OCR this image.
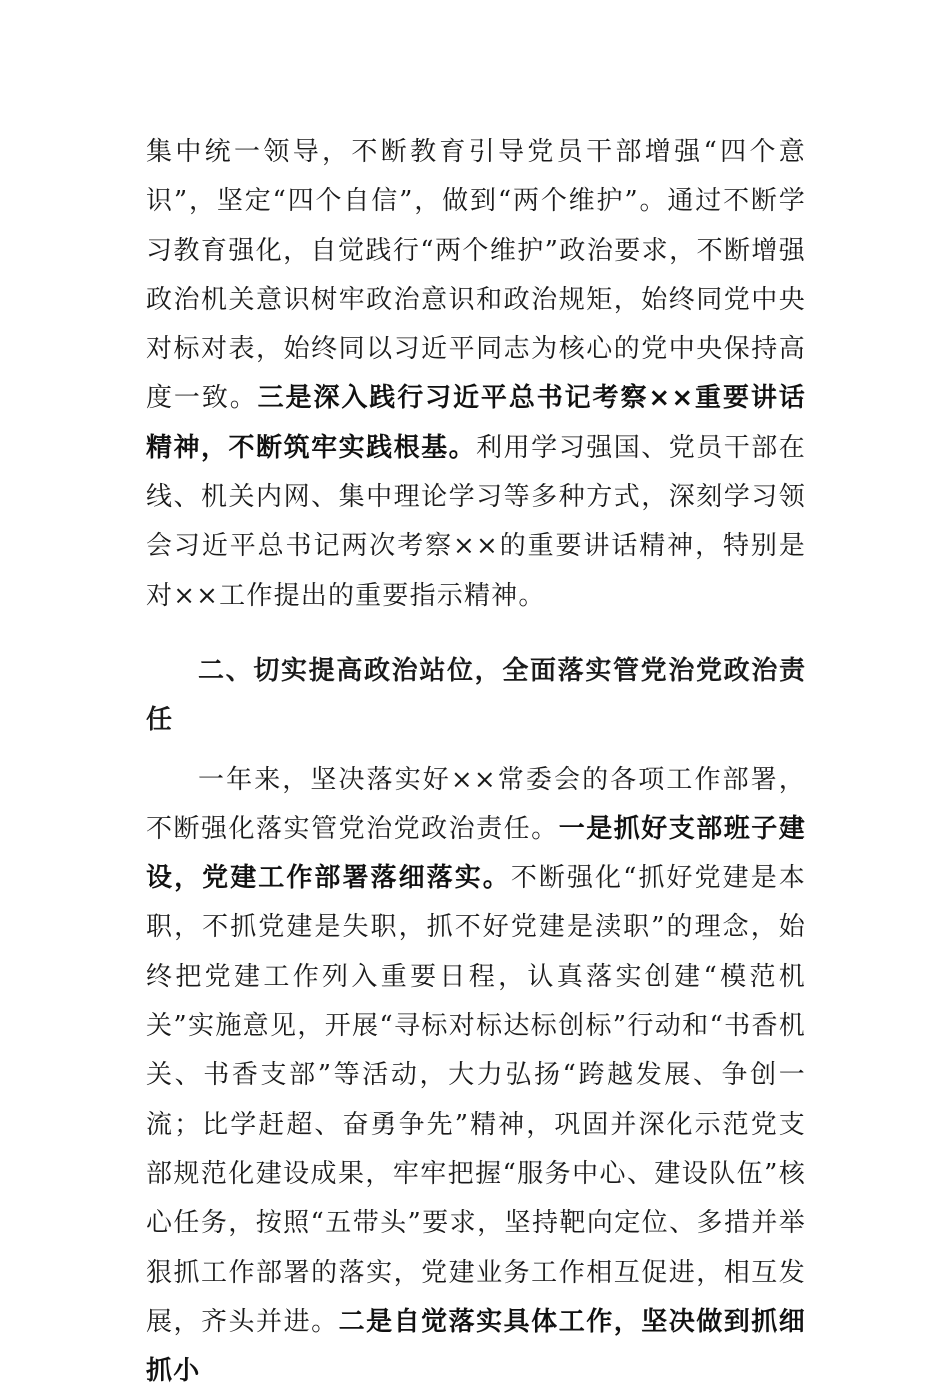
集中统一领导，不断教育引导党员干部增强“四个意识”，坚定“四个自信”，做到“两个维护”。通过不断学习教育强化，自觉践行“两个维护”政治要求，不断增强政治机关意识树牢政治意识和政治规矩，始终同党中央对标对表，始终同以习近平同志为核心的党中央保持高度一致。三是深入践行习近平总书记考察××重要讲话精神，不断筑牢实践根基。利用学习强国、党员干部在线、机关内网、集中理论学习等多种方式，深刻学习领会习近平总书记两次考察××的重要讲话精神，特别是对××工作提出的重要指示精神。

二、切实提高政治站位，全面落实管党治党政治责任

一年来，坚决落实好××常委会的各项工作部署，不断强化落实管党治党政治责任。一是抓好支部班子建设，党建工作部署落细落实。不断强化“抓好党建是本职，不抓党建是失职，抓不好党建是渎职”的理念，始终把党建工作列入重要日程，认真落实创建“模范机关”实施意见，开展“寻标对标达标创标”行动和“书香机关、书香支部”等活动，大力弘扬“跨越发展、争创一流；比学赶超、奋勇争先”精神，巩固并深化示范党支部规范化建设成果，牢牢把握“服务中心、建设队伍”核心任务，按照“五带头”要求，坚持靶向定位、多措并举狠抓工作部署的落实，党建业务工作相互促进，相互发展，齐头并进。二是自觉落实具体工作，坚决做到抓细抓小
